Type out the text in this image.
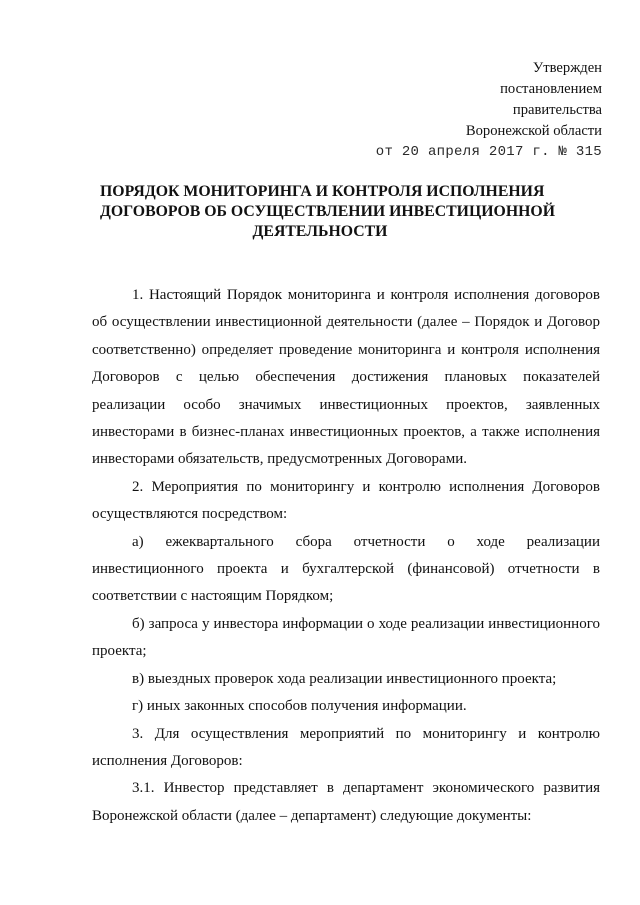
Утвержден
постановлением
правительства
Воронежской области
от 20 апреля 2017 г. № 315
ПОРЯДОК МОНИТОРИНГА И КОНТРОЛЯ ИСПОЛНЕНИЯ
ДОГОВОРОВ ОБ ОСУЩЕСТВЛЕНИИ ИНВЕСТИЦИОННОЙ
ДЕЯТЕЛЬНОСТИ

1. Настоящий Порядок мониторинга и контроля исполнения договоров об осуществлении инвестиционной деятельности (далее – Порядок и Договор соответственно) определяет проведение мониторинга и контроля исполнения Договоров с целью обеспечения достижения плановых показателей реализации особо значимых инвестиционных проектов, заявленных инвесторами в бизнес-планах инвестиционных проектов, а также исполнения инвесторами обязательств, предусмотренных Договорами.

2. Мероприятия по мониторингу и контролю исполнения Договоров осуществляются посредством:

а) ежеквартального сбора отчетности о ходе реализации инвестиционного проекта и бухгалтерской (финансовой) отчетности в соответствии с настоящим Порядком;

б) запроса у инвестора информации о ходе реализации инвестиционного проекта;

в) выездных проверок хода реализации инвестиционного проекта;

г) иных законных способов получения информации.

3. Для осуществления мероприятий по мониторингу и контролю исполнения Договоров:

3.1. Инвестор представляет в департамент экономического развития Воронежской области (далее – департамент) следующие документы:
